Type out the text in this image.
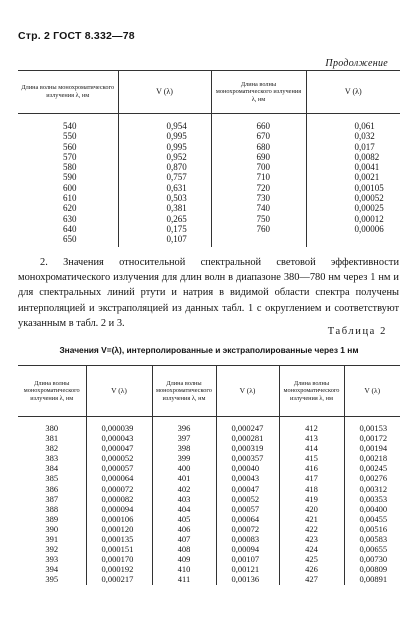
Стр. 2 ГОСТ 8.332—78
Продолжение
Длина волны монохроматического излучения λ, нм	V (λ)	Длина волны монохроматического излучения λ, нм	V (λ)
540	0,954	660	0,061
550	0,995	670	0,032
560	0,995	680	0,017
570	0,952	690	0,0082
580	0,870	700	0,0041
590	0,757	710	0,0021
600	0,631	720	0,00105
610	0,503	730	0,00052
620	0,381	740	0,00025
630	0,265	750	0,00012
640	0,175	760	0,00006
650	0,107		

2. Значения относительной спектральной световой эффективности монохроматического излучения для длин волн в диапазоне 380—780 нм через 1 нм и для спектральных линий ртути и натрия в видимой области спектра получены интерполяцией и экстраполяцией из данных табл. 1 с округлением и соответствуют указанным в табл. 2 и 3.

Таблица 2
Значения V=(λ), интерполированные и экстраполированные через 1 нм
Длина волны монохроматического излучения λ, нм	V (λ)	Длина волны монохроматического излучения λ, нм	V (λ)	Длина волны монохроматического излучения λ, нм	V (λ)
380	0,000039	396	0,000247	412	0,00153
381	0,000043	397	0,000281	413	0,00172
382	0,000047	398	0,000319	414	0,00194
383	0,000052	399	0,000357	415	0,00218
384	0,000057	400	0,00040	416	0,00245
385	0,000064	401	0,00043	417	0,00276
386	0,000072	402	0,00047	418	0,00312
387	0,000082	403	0,00052	419	0,00353
388	0,000094	404	0,00057	420	0,00400
389	0,000106	405	0,00064	421	0,00455
390	0,000120	406	0,00072	422	0,00516
391	0,000135	407	0,00083	423	0,00583
392	0,000151	408	0,00094	424	0,00655
393	0,000170	409	0,00107	425	0,00730
394	0,000192	410	0,00121	426	0,00809
395	0,000217	411	0,00136	427	0,00891
